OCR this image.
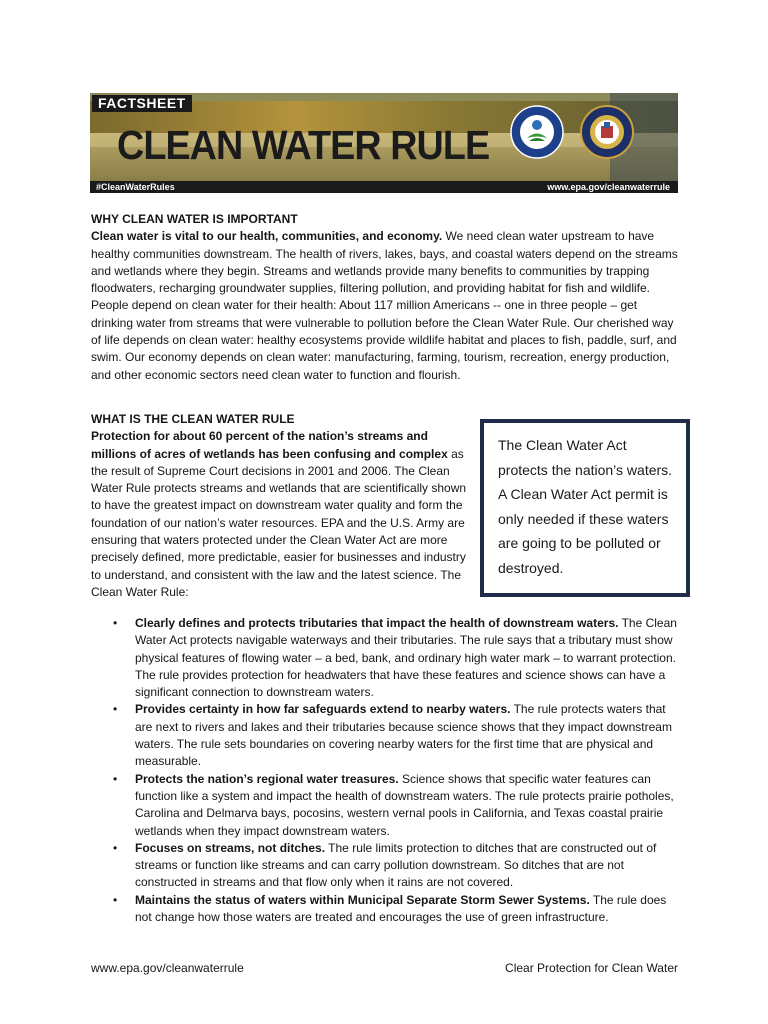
FACTSHEET
CLEAN WATER RULE
#CleanWaterRules	www.epa.gov/cleanwaterrule
WHY CLEAN WATER IS IMPORTANT
Clean water is vital to our health, communities, and economy. We need clean water upstream to have healthy communities downstream. The health of rivers, lakes, bays, and coastal waters depend on the streams and wetlands where they begin. Streams and wetlands provide many benefits to communities by trapping floodwaters, recharging groundwater supplies, filtering pollution, and providing habitat for fish and wildlife. People depend on clean water for their health: About 117 million Americans -- one in three people – get drinking water from streams that were vulnerable to pollution before the Clean Water Rule. Our cherished way of life depends on clean water: healthy ecosystems provide wildlife habitat and places to fish, paddle, surf, and swim. Our economy depends on clean water: manufacturing, farming, tourism, recreation, energy production, and other economic sectors need clean water to function and flourish.
WHAT IS THE CLEAN WATER RULE
Protection for about 60 percent of the nation’s streams and millions of acres of wetlands has been confusing and complex as the result of Supreme Court decisions in 2001 and 2006. The Clean Water Rule protects streams and wetlands that are scientifically shown to have the greatest impact on downstream water quality and form the foundation of our nation’s water resources. EPA and the U.S. Army are ensuring that waters protected under the Clean Water Act are more precisely defined, more predictable, easier for businesses and industry to understand, and consistent with the law and the latest science. The Clean Water Rule:

The Clean Water Act protects the nation’s waters. A Clean Water Act permit is only needed if these waters are going to be polluted or destroyed.

• Clearly defines and protects tributaries that impact the health of downstream waters. The Clean Water Act protects navigable waterways and their tributaries. The rule says that a tributary must show physical features of flowing water – a bed, bank, and ordinary high water mark – to warrant protection. The rule provides protection for headwaters that have these features and science shows can have a significant connection to downstream waters.
• Provides certainty in how far safeguards extend to nearby waters. The rule protects waters that are next to rivers and lakes and their tributaries because science shows that they impact downstream waters. The rule sets boundaries on covering nearby waters for the first time that are physical and measurable.
• Protects the nation’s regional water treasures. Science shows that specific water features can function like a system and impact the health of downstream waters. The rule protects prairie potholes, Carolina and Delmarva bays, pocosins, western vernal pools in California, and Texas coastal prairie wetlands when they impact downstream waters.
• Focuses on streams, not ditches. The rule limits protection to ditches that are constructed out of streams or function like streams and can carry pollution downstream. So ditches that are not constructed in streams and that flow only when it rains are not covered.
• Maintains the status of waters within Municipal Separate Storm Sewer Systems. The rule does not change how those waters are treated and encourages the use of green infrastructure.
www.epa.gov/cleanwaterrule	Clear Protection for Clean Water
